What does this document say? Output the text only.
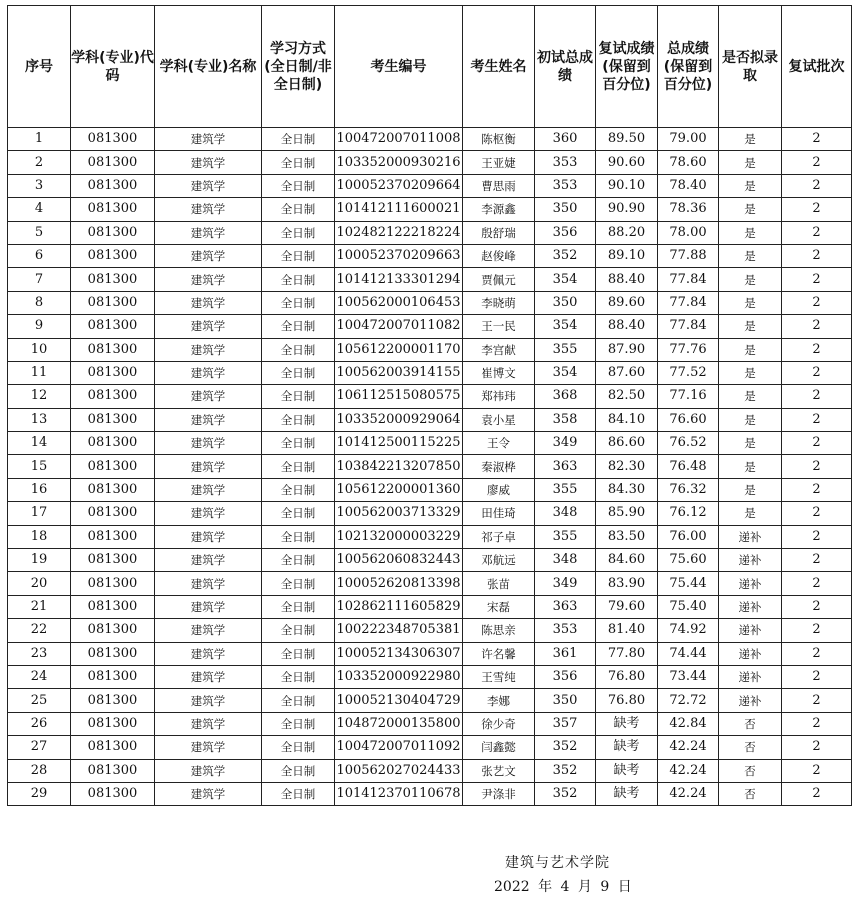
序号	学科(专业)代码	学科(专业)名称	学习方式(全日制/非全日制)	考生编号	考生姓名	初试总成绩	复试成绩(保留到百分位)	总成绩(保留到百分位)	是否拟录取	复试批次
1	081300	建筑学	全日制	100472007011008	陈枢衡	360	89.50	79.00	是	2
2	081300	建筑学	全日制	103352000930216	王亚婕	353	90.60	78.60	是	2
3	081300	建筑学	全日制	100052370209664	曹思雨	353	90.10	78.40	是	2
4	081300	建筑学	全日制	101412111600021	李源鑫	350	90.90	78.36	是	2
5	081300	建筑学	全日制	102482122218224	殷舒瑞	356	88.20	78.00	是	2
6	081300	建筑学	全日制	100052370209663	赵俊峰	352	89.10	77.88	是	2
7	081300	建筑学	全日制	101412133301294	贾佩元	354	88.40	77.84	是	2
8	081300	建筑学	全日制	100562000106453	李晓萌	350	89.60	77.84	是	2
9	081300	建筑学	全日制	100472007011082	王一民	354	88.40	77.84	是	2
10	081300	建筑学	全日制	105612200001170	李宫献	355	87.90	77.76	是	2
11	081300	建筑学	全日制	100562003914155	崔博文	354	87.60	77.52	是	2
12	081300	建筑学	全日制	106112515080575	郑祎玮	368	82.50	77.16	是	2
13	081300	建筑学	全日制	103352000929064	袁小星	358	84.10	76.60	是	2
14	081300	建筑学	全日制	101412500115225	王令	349	86.60	76.52	是	2
15	081300	建筑学	全日制	103842213207850	秦淑桦	363	82.30	76.48	是	2
16	081300	建筑学	全日制	105612200001360	廖威	355	84.30	76.32	是	2
17	081300	建筑学	全日制	100562003713329	田佳琦	348	85.90	76.12	是	2
18	081300	建筑学	全日制	102132000003229	祁子卓	355	83.50	76.00	递补	2
19	081300	建筑学	全日制	100562060832443	邓航远	348	84.60	75.60	递补	2
20	081300	建筑学	全日制	100052620813398	张苗	349	83.90	75.44	递补	2
21	081300	建筑学	全日制	102862111605829	宋磊	363	79.60	75.40	递补	2
22	081300	建筑学	全日制	100222348705381	陈思亲	353	81.40	74.92	递补	2
23	081300	建筑学	全日制	100052134306307	许名馨	361	77.80	74.44	递补	2
24	081300	建筑学	全日制	103352000922980	王雪纯	356	76.80	73.44	递补	2
25	081300	建筑学	全日制	100052130404729	李娜	350	76.80	72.72	递补	2
26	081300	建筑学	全日制	104872000135800	徐少奇	357	缺考	42.84	否	2
27	081300	建筑学	全日制	100472007011092	闫鑫懿	352	缺考	42.24	否	2
28	081300	建筑学	全日制	100562027024433	张艺文	352	缺考	42.24	否	2
29	081300	建筑学	全日制	101412370110678	尹涤非	352	缺考	42.24	否	2
建筑与艺术学院
2022 年 4 月 9 日
